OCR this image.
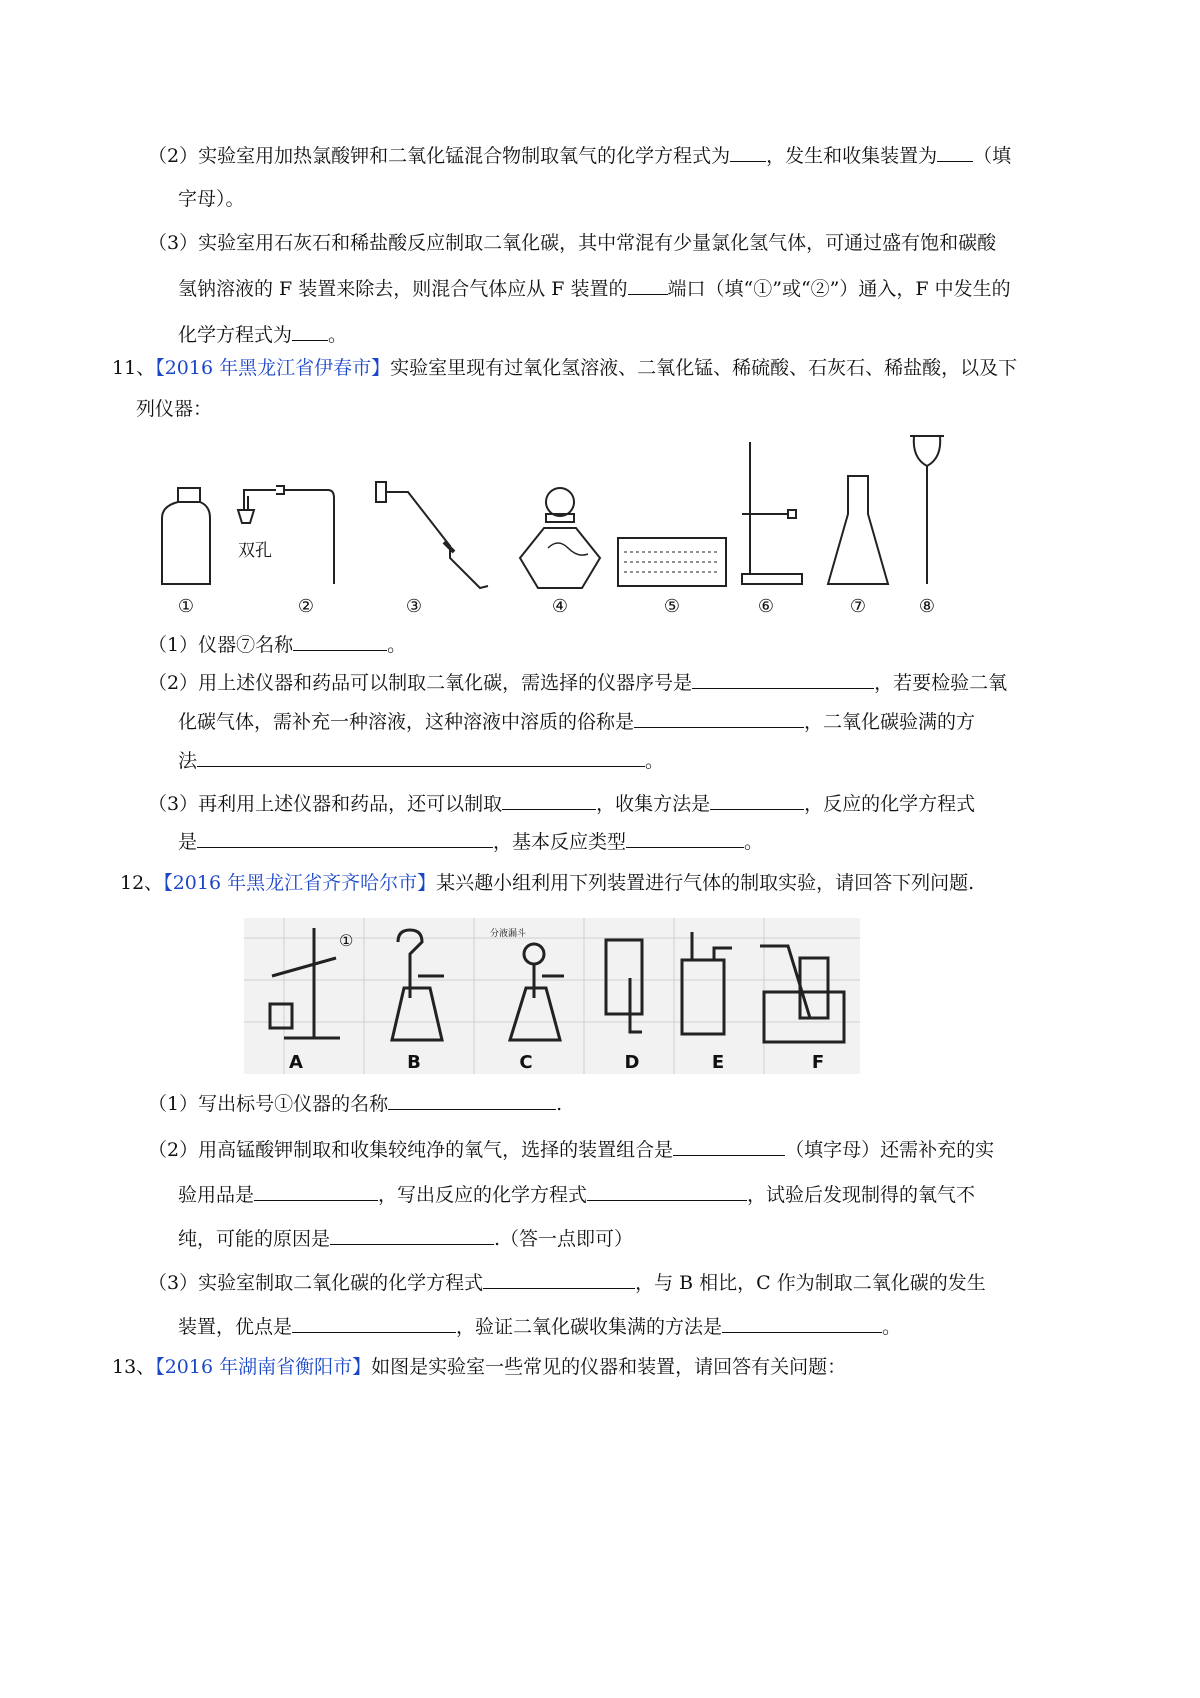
（2）实验室用加热氯酸钾和二氧化锰混合物制取氧气的化学方程式为 ，发生和收集装置为 （填
字母）。
（3）实验室用石灰石和稀盐酸反应制取二氧化碳，其中常混有少量氯化氢气体，可通过盛有饱和碳酸
氢钠溶液的 F 装置来除去，则混合气体应从 F 装置的 端口（填“①”或“②”）通入，F 中发生的
化学方程式为 。
11、【2016 年黑龙江省伊春市】实验室里现有过氧化氢溶液、二氧化锰、稀硫酸、石灰石、稀盐酸，以及下
列仪器：
双孔
①	②	③	④	⑤	⑥	⑦	⑧
（1）仪器⑦名称	。
（2）用上述仪器和药品可以制取二氧化碳，需选择的仪器序号是	，若要检验二氧
化碳气体，需补充一种溶液，这种溶液中溶质的俗称是	，二氧化碳验满的方
法	。
（3）再利用上述仪器和药品，还可以制取	，收集方法是	，反应的化学方程式
是	，基本反应类型	。
12、【2016 年黑龙江省齐齐哈尔市】某兴趣小组利用下列装置进行气体的制取实验，请回答下列问题.
①	分液漏斗
A	B	C	D	E	F
（1）写出标号①仪器的名称	.
（2）用高锰酸钾制取和收集较纯净的氧气，选择的装置组合是	（填字母）还需补充的实
验用品是	，写出反应的化学方程式	，试验后发现制得的氧气不
纯，可能的原因是	.（答一点即可）
（3）实验室制取二氧化碳的化学方程式	，与 B 相比，C 作为制取二氧化碳的发生
装置，优点是	，验证二氧化碳收集满的方法是	。
13、【2016 年湖南省衡阳市】如图是实验室一些常见的仪器和装置，请回答有关问题：
